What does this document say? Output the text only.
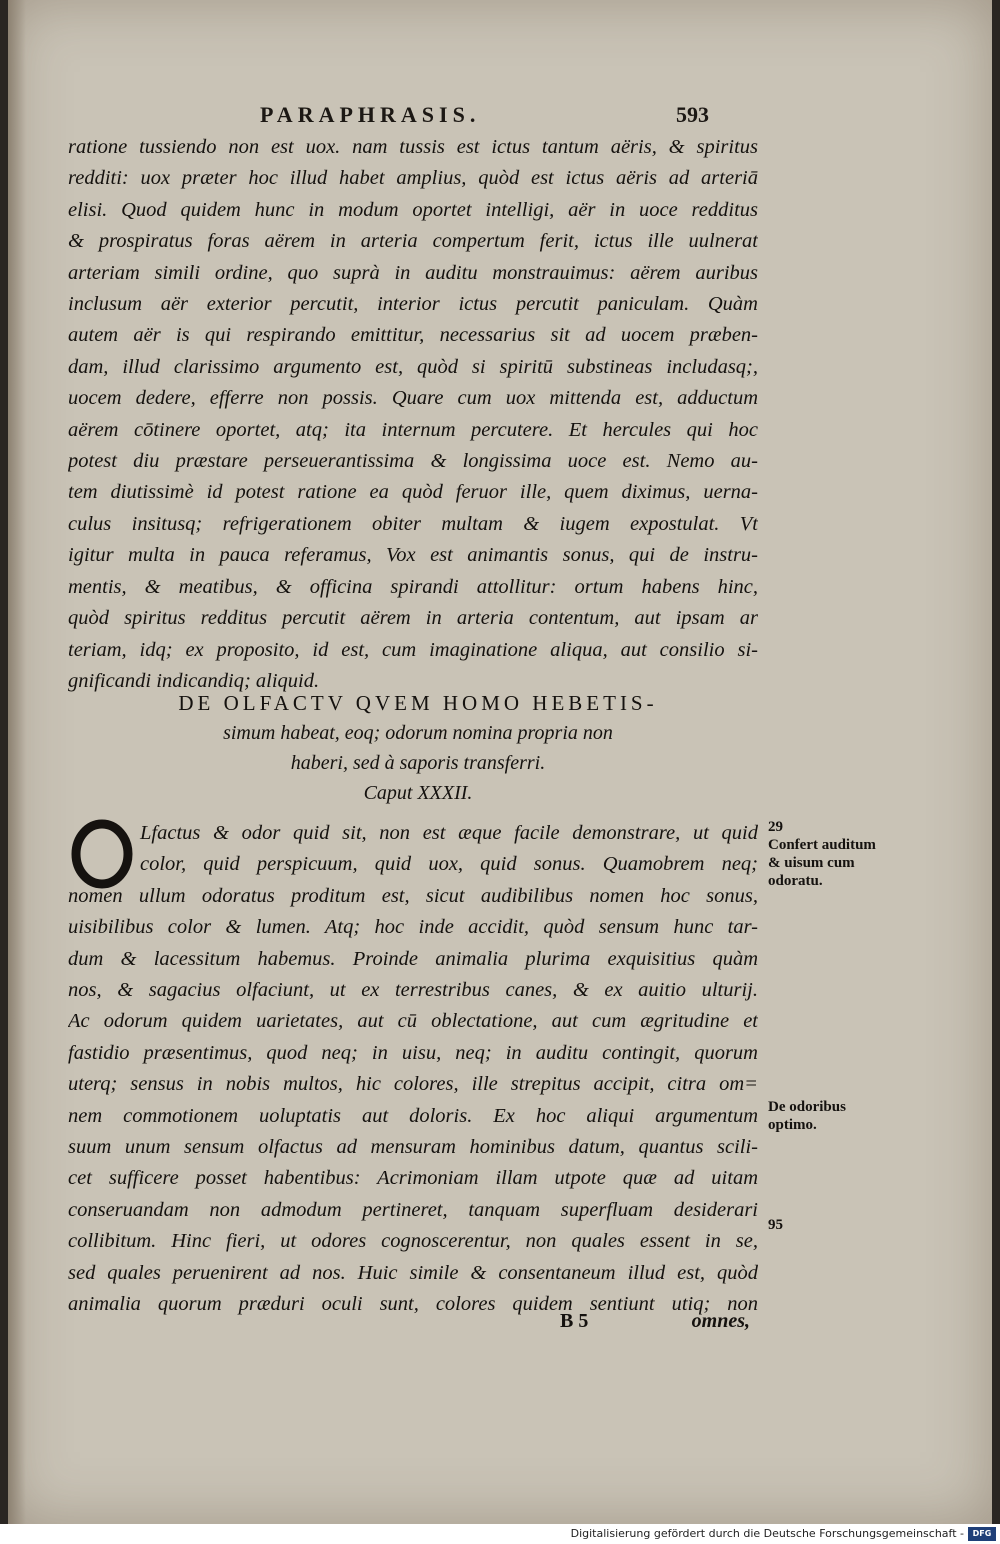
PARAPHRASIS.	593
ratione tussiendo non est uox. nam tussis est ictus tantum aëris, & spiritus
redditi: uox præter hoc illud habet amplius, quòd est ictus aëris ad arteriā
elisi. Quod quidem hunc in modum oportet intelligi, aër in uoce redditus
& prospiratus foras aërem in arteria compertum ferit, ictus ille uulnerat
arteriam simili ordine, quo suprà in auditu monstrauimus: aërem auribus
inclusum aër exterior percutit, interior ictus percutit paniculam. Quàm
autem aër is qui respirando emittitur, necessarius sit ad uocem præben-
dam, illud clarissimo argumento est, quòd si spiritū substineas includasq;,
uocem dedere, efferre non possis. Quare cum uox mittenda est, adductum
aërem cōtinere oportet, atq; ita internum percutere. Et hercules qui hoc
potest diu præstare perseuerantissima & longissima uoce est. Nemo au-
tem diutissimè id potest ratione ea quòd feruor ille, quem diximus, uerna-
culus insitusq; refrigerationem obiter multam & iugem expostulat. Vt
igitur multa in pauca referamus, Vox est animantis sonus, qui de instru-
mentis, & meatibus, & officina spirandi attollitur: ortum habens hinc,
quòd spiritus redditus percutit aërem in arteria contentum, aut ipsam ar
teriam, idq; ex proposito, id est, cum imaginatione aliqua, aut consilio si-
gnificandi indicandiq; aliquid.
DE OLFACTV QVEM HOMO HEBETIS-
simum habeat, eoq; odorum nomina propria non
haberi, sed à saporis transferri.
Caput XXXII.
Lfactus & odor quid sit, non est æque facile demonstrare, ut quid
color, quid perspicuum, quid uox, quid sonus. Quamobrem neq;
nomen ullum odoratus proditum est, sicut audibilibus nomen hoc sonus,
uisibilibus color & lumen. Atq; hoc inde accidit, quòd sensum hunc tar-
dum & lacessitum habemus. Proinde animalia plurima exquisitius quàm
nos, & sagacius olfaciunt, ut ex terrestribus canes, & ex auitio ulturij.
Ac odorum quidem uarietates, aut cū oblectatione, aut cum ægritudine et
fastidio præsentimus, quod neq; in uisu, neq; in auditu contingit, quorum
uterq; sensus in nobis multos, hic colores, ille strepitus accipit, citra om=
nem commotionem uoluptatis aut doloris. Ex hoc aliqui argumentum
suum unum sensum olfactus ad mensuram hominibus datum, quantus scili-
cet sufficere posset habentibus: Acrimoniam illam utpote quæ ad uitam
conseruandam non admodum pertineret, tanquam superfluam desiderari
collibitum. Hinc fieri, ut odores cognoscerentur, non quales essent in se,
sed quales peruenirent ad nos. Huic simile & consentaneum illud est, quòd
animalia quorum præduri oculi sunt, colores quidem sentiunt utiq; non
29
Confert auditum
& uisum cum
odoratu.
De odoribus
optimo.
95
B 5	omnes,
Digitalisierung gefördert durch die Deutsche Forschungsgemeinschaft -	DFG
